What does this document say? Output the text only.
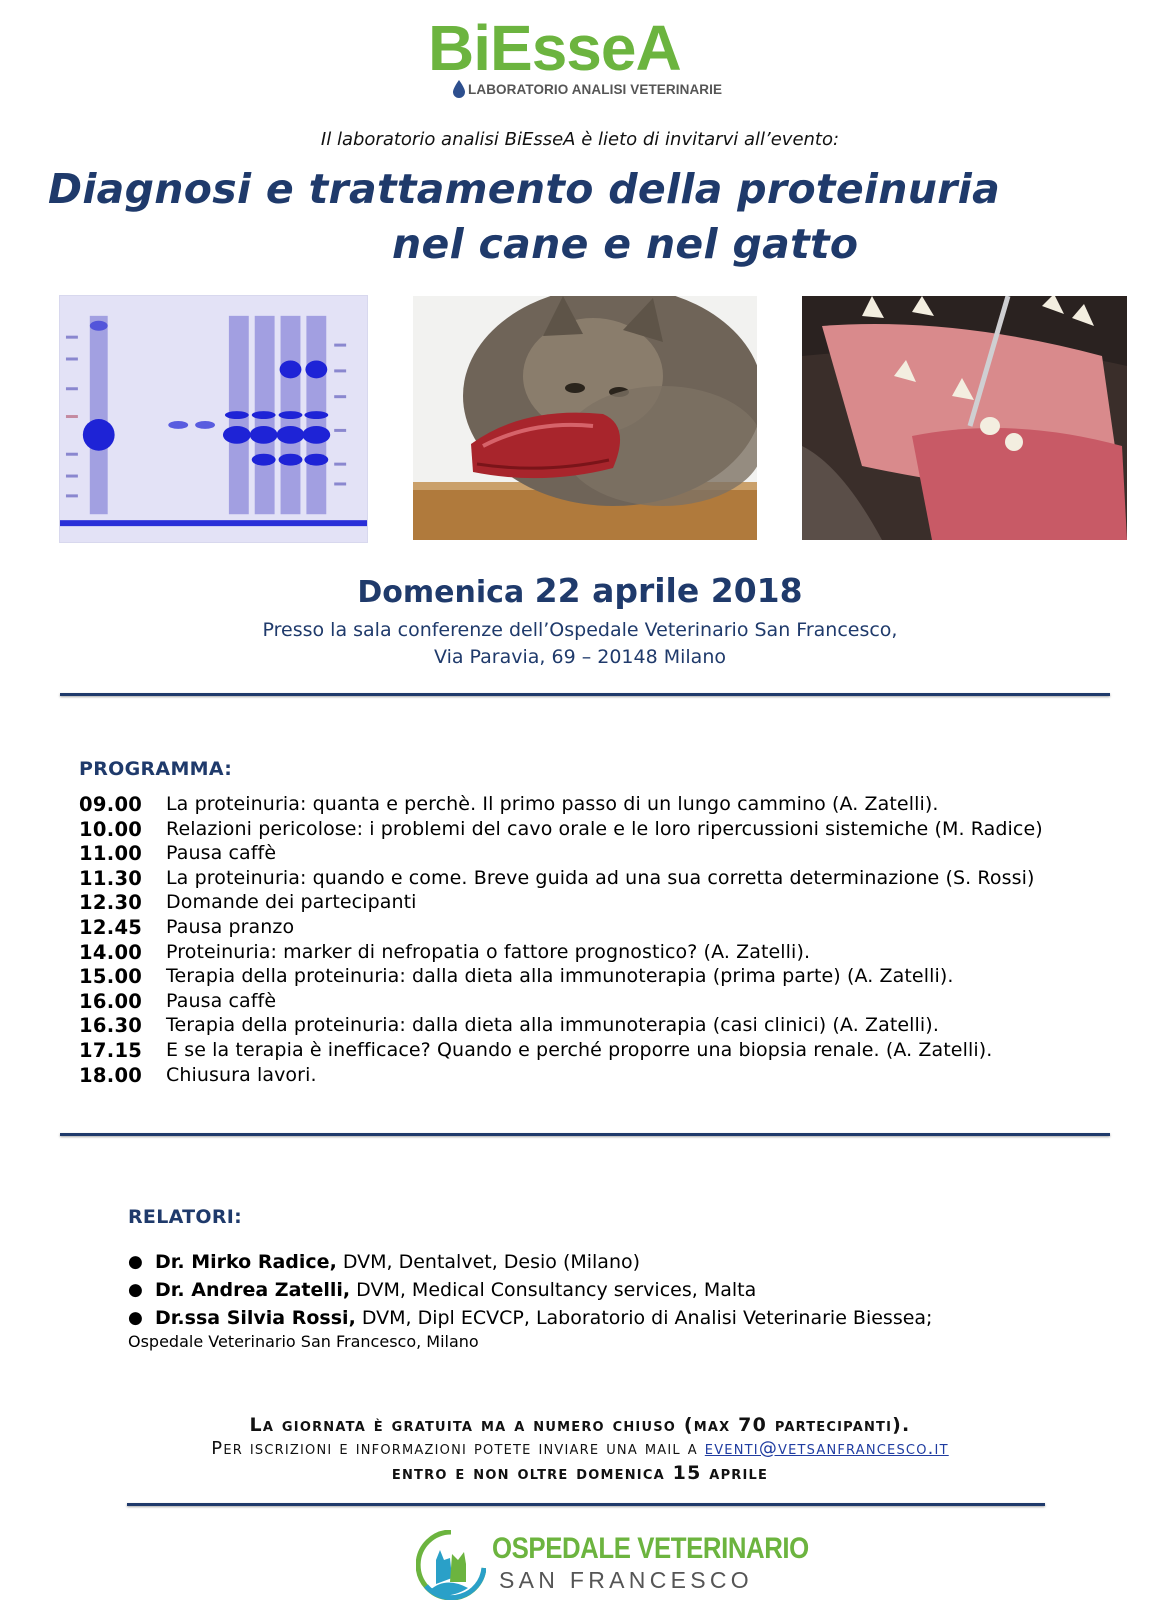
BiEsseA
LABORATORIO ANALISI VETERINARIE
Il laboratorio analisi BiEsseA è lieto di invitarvi all’evento:
Diagnosi e trattamento della proteinuria
nel cane e nel gatto
Domenica 22 aprile 2018
Presso la sala conferenze dell’Ospedale Veterinario San Francesco,
Via Paravia, 69 – 20148 Milano
PROGRAMMA:
09.00	La proteinuria: quanta e perchè. Il primo passo di un lungo cammino (A. Zatelli).
10.00	Relazioni pericolose: i problemi del cavo orale e le loro ripercussioni sistemiche (M. Radice)
11.00	Pausa caffè
11.30	La proteinuria: quando e come. Breve guida ad una sua corretta determinazione (S. Rossi)
12.30	Domande dei partecipanti
12.45	Pausa pranzo
14.00	Proteinuria: marker di nefropatia o fattore prognostico? (A. Zatelli).
15.00	Terapia della proteinuria: dalla dieta alla immunoterapia (prima parte) (A. Zatelli).
16.00	Pausa caffè
16.30	Terapia della proteinuria: dalla dieta alla immunoterapia (casi clinici) (A. Zatelli).
17.15	E se la terapia è inefficace? Quando e perché proporre una biopsia renale. (A. Zatelli).
18.00	Chiusura lavori.
RELATORI:
● Dr. Mirko Radice, DVM, Dentalvet, Desio (Milano)
● Dr. Andrea Zatelli, DVM, Medical Consultancy services, Malta
● Dr.ssa Silvia Rossi, DVM, Dipl ECVCP, Laboratorio di Analisi Veterinarie Biessea;
Ospedale Veterinario San Francesco, Milano
La giornata è gratuita ma a numero chiuso (max 70 partecipanti).
Per iscrizioni e informazioni potete inviare una mail a eventi@vetsanfrancesco.it
entro e non oltre domenica 15 aprile
OSPEDALE VETERINARIO
SAN FRANCESCO
